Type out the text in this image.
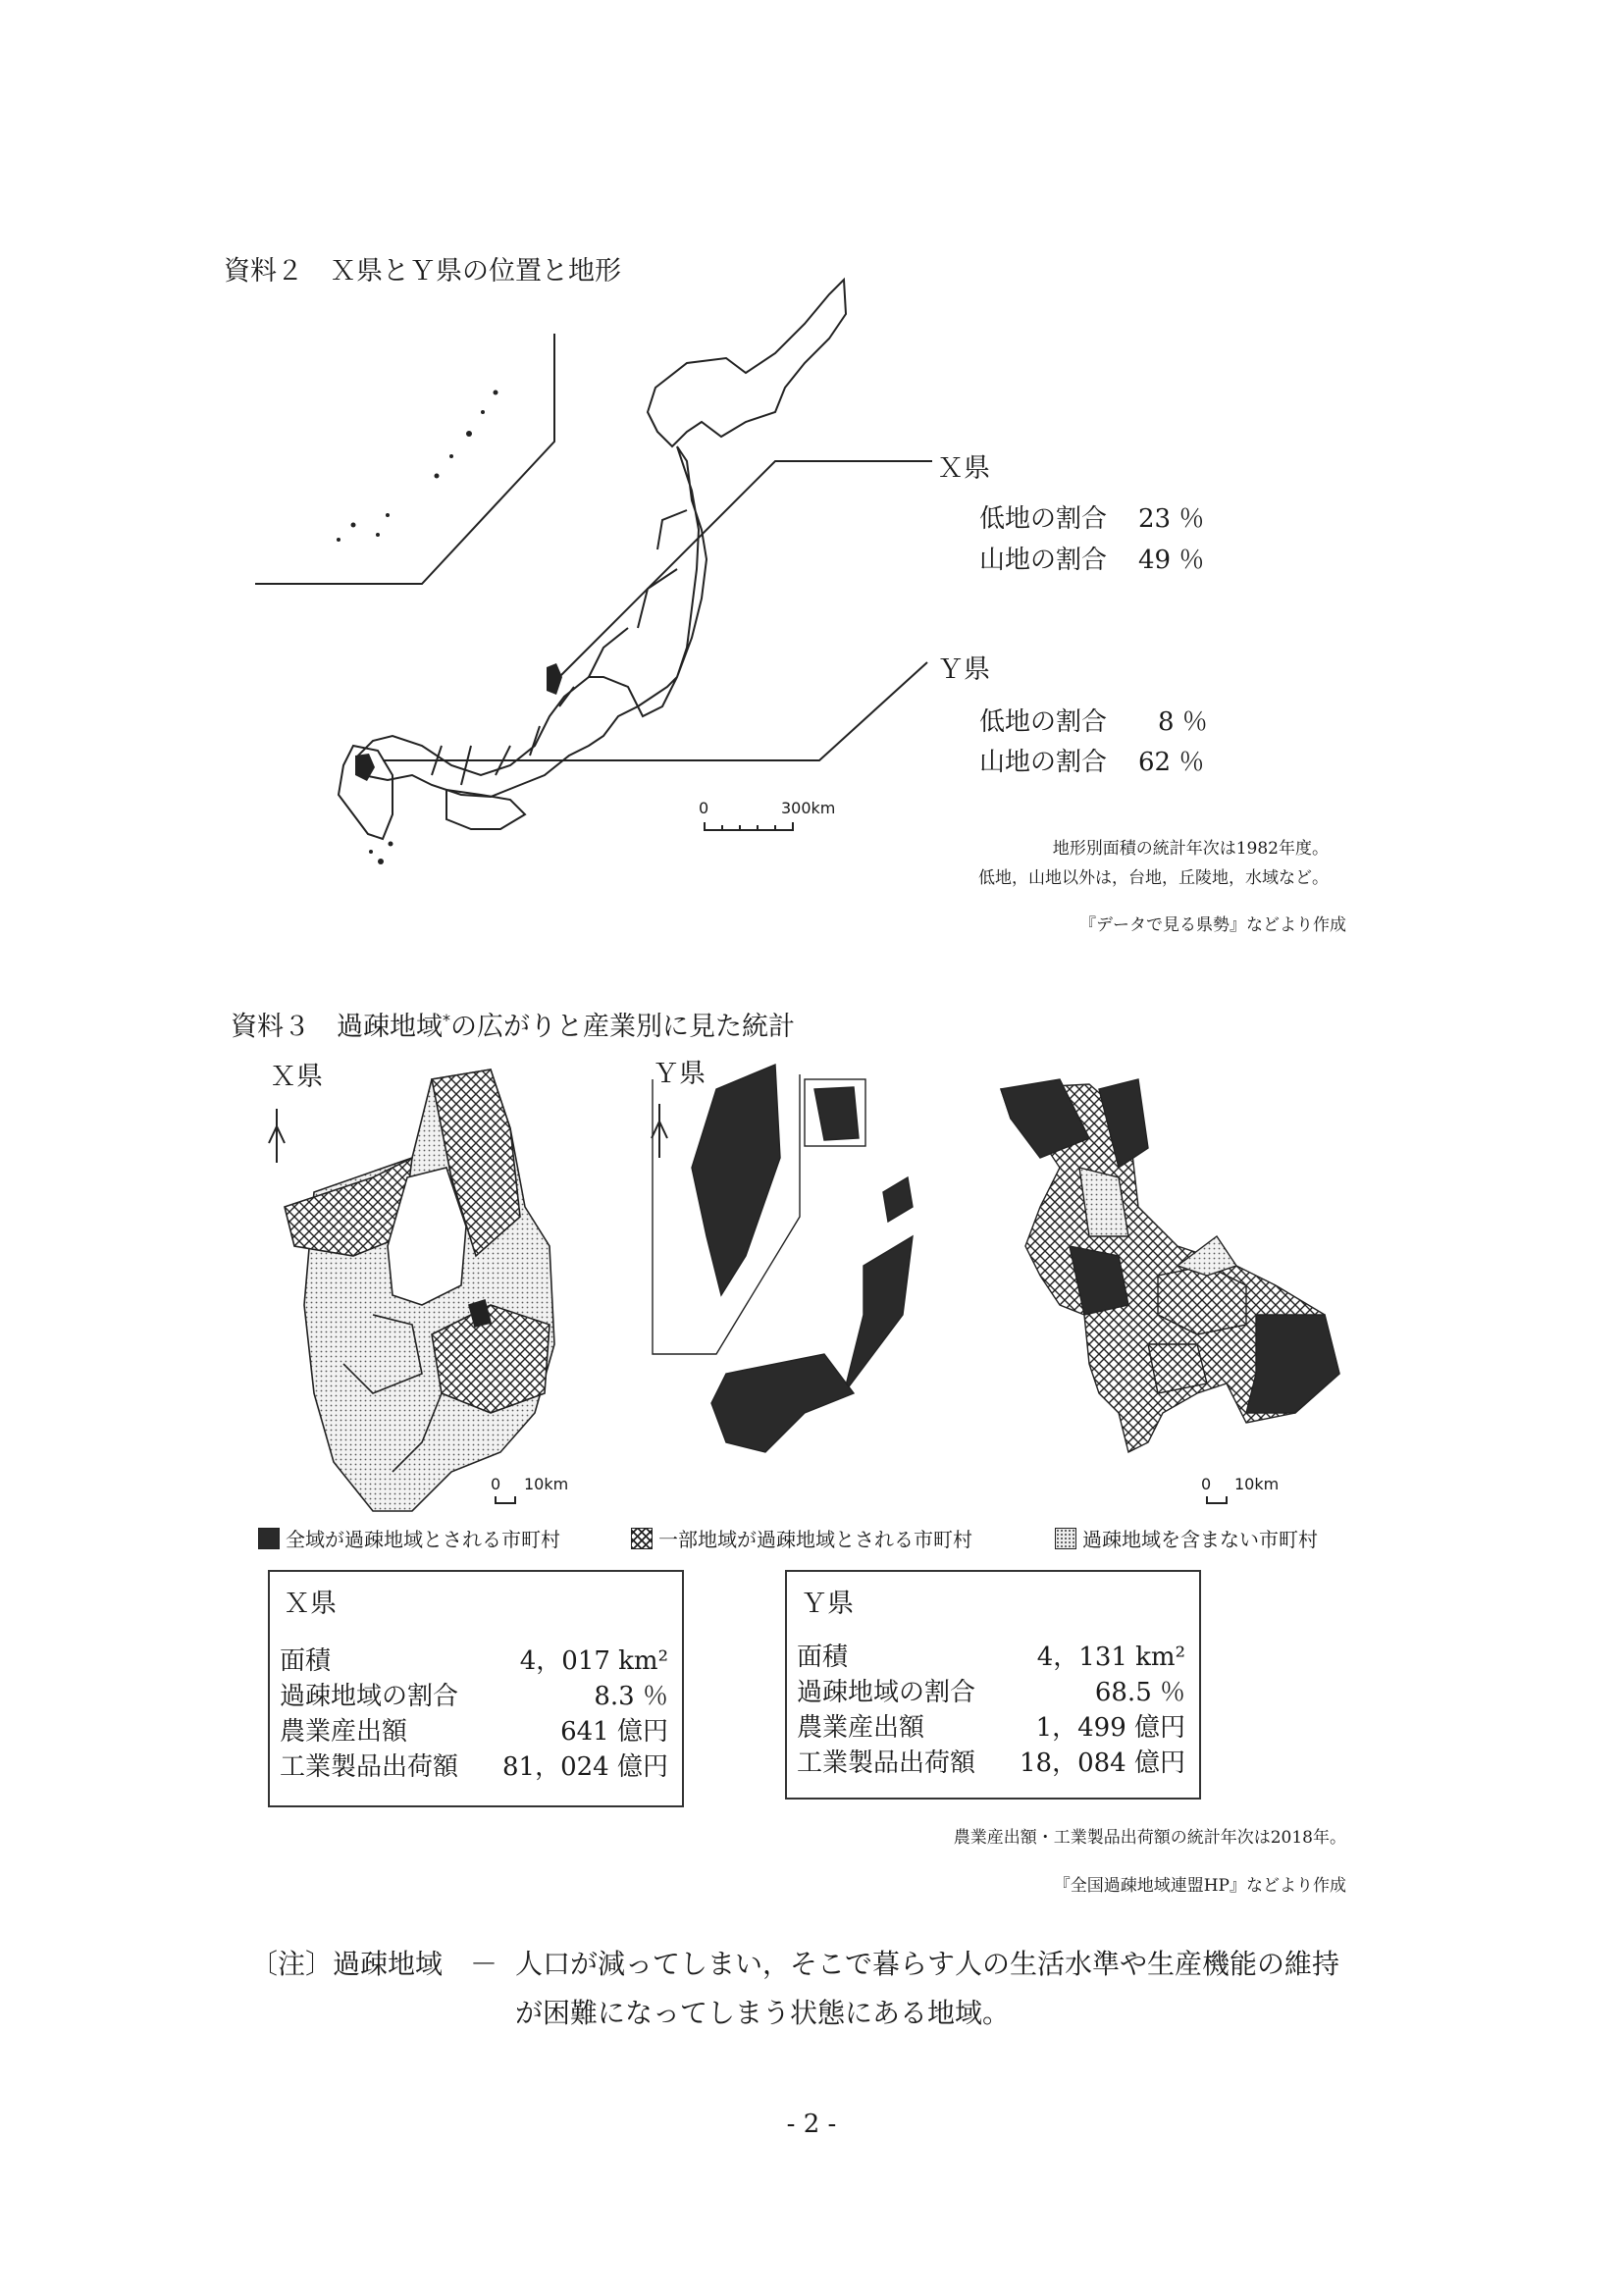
資料２　Ｘ県とＹ県の位置と地形
0	300km
Ｘ県
低地の割合 23 ％
山地の割合 49 ％
Ｙ県
低地の割合 8 ％
山地の割合 62 ％
地形別面積の統計年次は1982年度。
低地，山地以外は，台地，丘陵地，水域など。
『データで見る県勢』などより作成
資料３　過疎地域*の広がりと産業別に見た統計
Ｘ県	Ｙ県
0 10km	0 10km
全域が過疎地域とされる市町村	一部地域が過疎地域とされる市町村	過疎地域を含まない市町村
Ｘ県
面積	4，017 km²
過疎地域の割合	8.3 ％
農業産出額	641 億円
工業製品出荷額 81，024 億円
Ｙ県
面積	4，131 km²
過疎地域の割合	68.5 ％
農業産出額	1，499 億円
工業製品出荷額 18，084 億円
農業産出額・工業製品出荷額の統計年次は2018年。
『全国過疎地域連盟HP』などより作成
〔注〕過疎地域　－ 人口が減ってしまい，そこで暮らす人の生活水準や生産機能の維持
が困難になってしまう状態にある地域。
- 2 -
